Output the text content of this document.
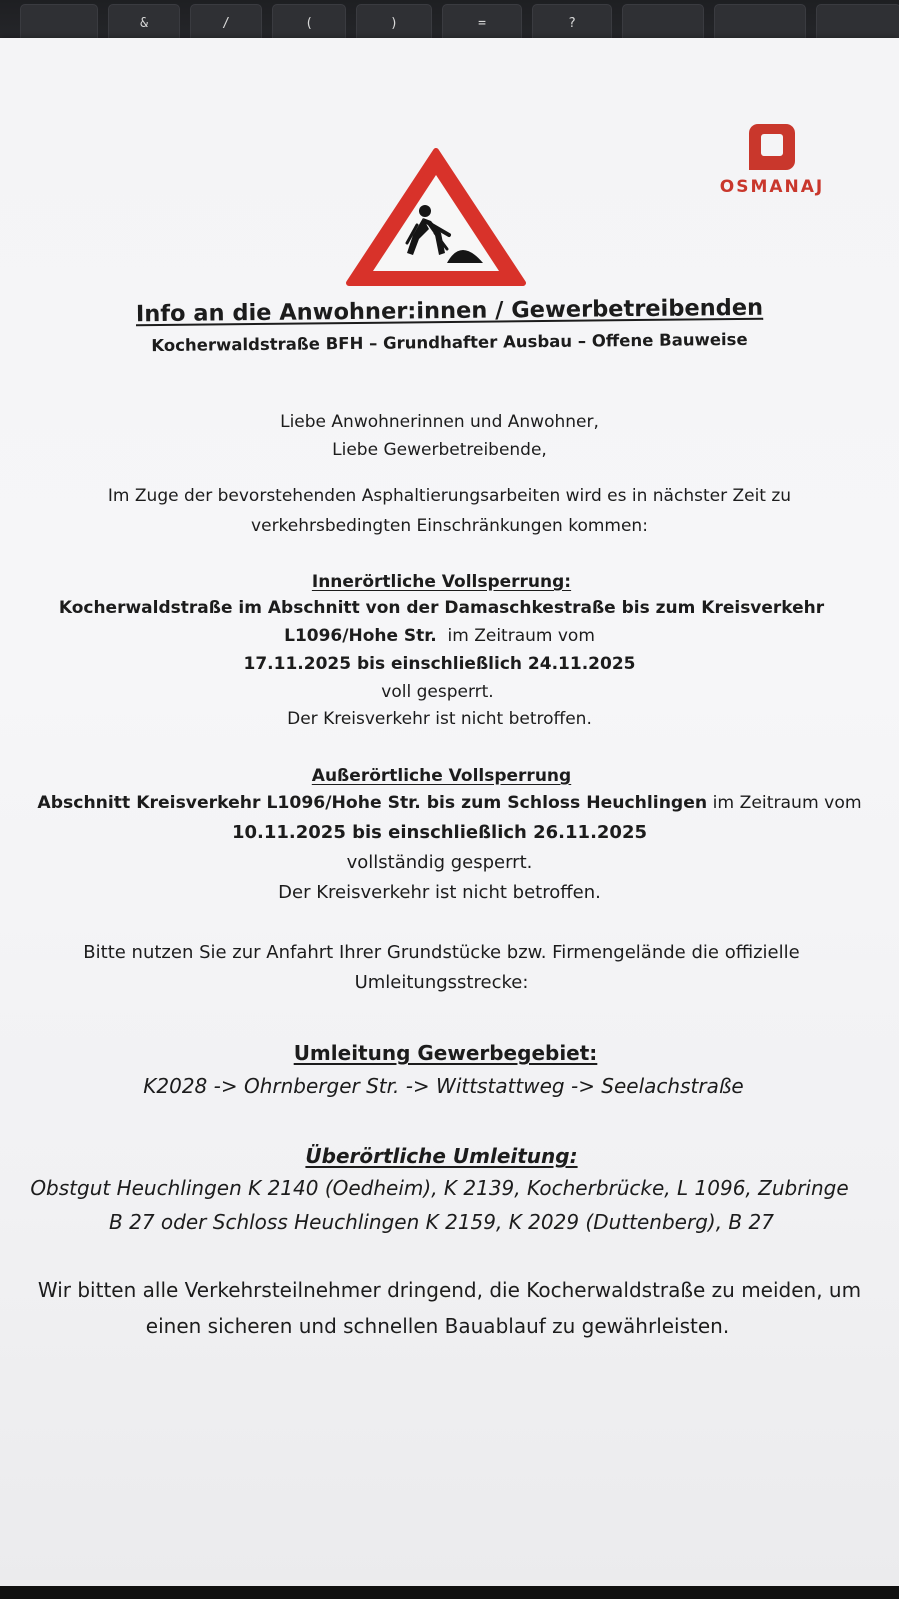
&	/	(	)	=	?
OSMANAJ
Info an die Anwohner:innen / Gewerbetreibenden
Kocherwaldstraße BFH – Grundhafter Ausbau – Offene Bauweise
Liebe Anwohnerinnen und Anwohner,
Liebe Gewerbetreibende,
Im Zuge der bevorstehenden Asphaltierungsarbeiten wird es in nächster Zeit zu
verkehrsbedingten Einschränkungen kommen:
Innerörtliche Vollsperrung:
Kocherwaldstraße im Abschnitt von der Damaschkestraße bis zum Kreisverkehr
L1096/Hohe Str.  im Zeitraum vom
17.11.2025 bis einschließlich 24.11.2025
voll gesperrt.
Der Kreisverkehr ist nicht betroffen.
Außerörtliche Vollsperrung
Abschnitt Kreisverkehr L1096/Hohe Str. bis zum Schloss Heuchlingen im Zeitraum vom
10.11.2025 bis einschließlich 26.11.2025
vollständig gesperrt.
Der Kreisverkehr ist nicht betroffen.
Bitte nutzen Sie zur Anfahrt Ihrer Grundstücke bzw. Firmengelände die offizielle
Umleitungsstrecke:
Umleitung Gewerbegebiet:
K2028 -> Ohrnberger Str. -> Wittstattweg -> Seelachstraße
Überörtliche Umleitung:
Obstgut Heuchlingen K 2140 (Oedheim), K 2139, Kocherbrücke, L 1096, Zubringe
B 27 oder Schloss Heuchlingen K 2159, K 2029 (Duttenberg), B 27
Wir bitten alle Verkehrsteilnehmer dringend, die Kocherwaldstraße zu meiden, um
einen sicheren und schnellen Bauablauf zu gewährleisten.
